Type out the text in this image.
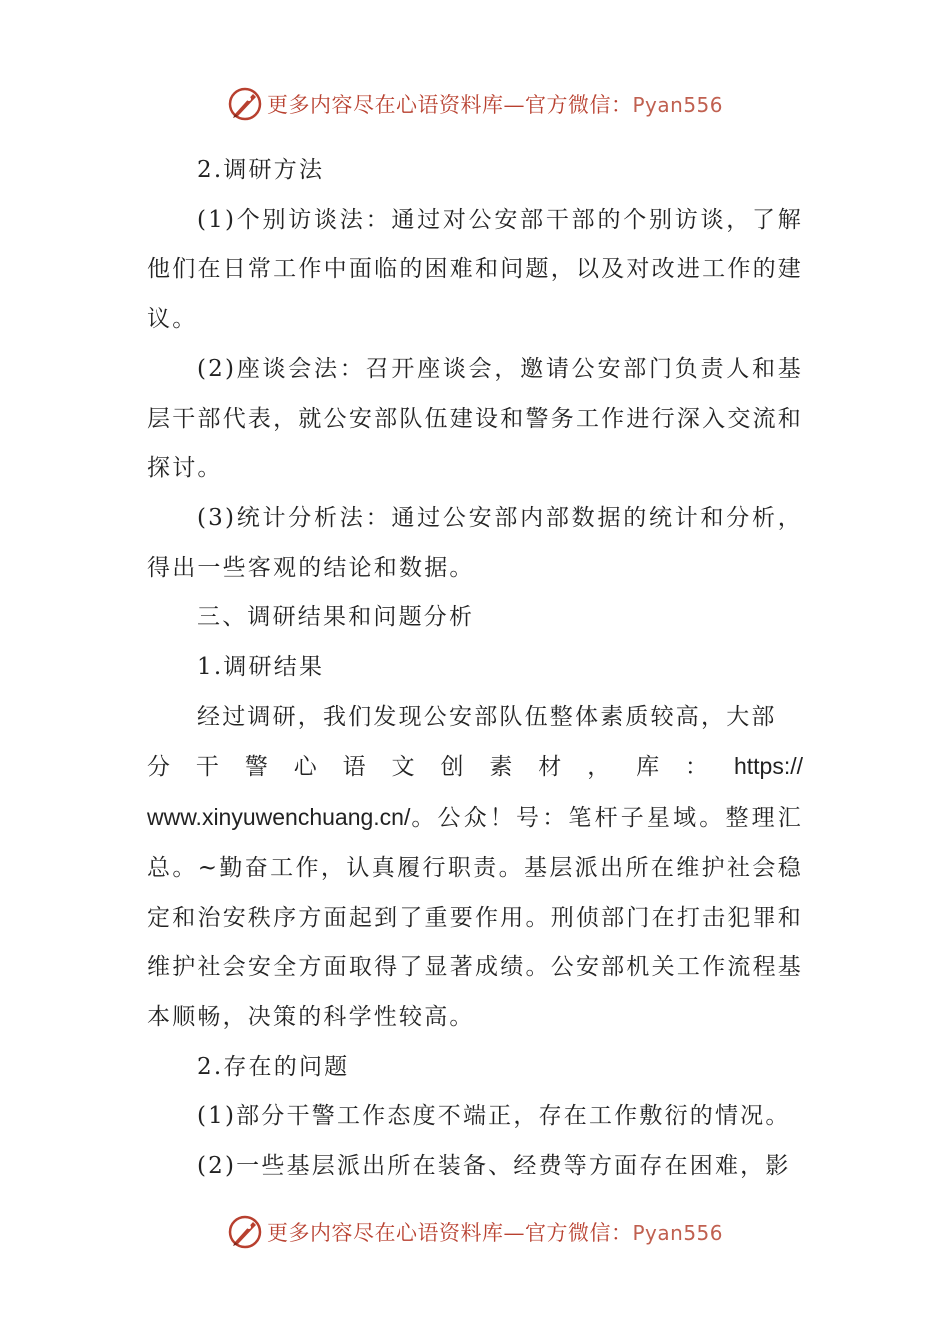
更多内容尽在心语资料库—官方微信：Pyan556

2.调研方法

(1)个别访谈法：通过对公安部干部的个别访谈，了解他们在日常工作中面临的困难和问题，以及对改进工作的建议。

(2)座谈会法：召开座谈会，邀请公安部门负责人和基层干部代表，就公安部队伍建设和警务工作进行深入交流和探讨。

(3)统计分析法：通过公安部内部数据的统计和分析，得出一些客观的结论和数据。

三、调研结果和问题分析

1.调研结果

经过调研，我们发现公安部队伍整体素质较高，大部

分 干 警 心 语 文 创 素 材 ， 库 ： https://

www.xinyuwenchuang.cn/。公众！号：笔杆子星域。整理汇总。~勤奋工作，认真履行职责。基层派出所在维护社会稳定和治安秩序方面起到了重要作用。刑侦部门在打击犯罪和维护社会安全方面取得了显著成绩。公安部机关工作流程基本顺畅，决策的科学性较高。

2.存在的问题

(1)部分干警工作态度不端正，存在工作敷衍的情况。

(2)一些基层派出所在装备、经费等方面存在困难，影

更多内容尽在心语资料库—官方微信：Pyan556
